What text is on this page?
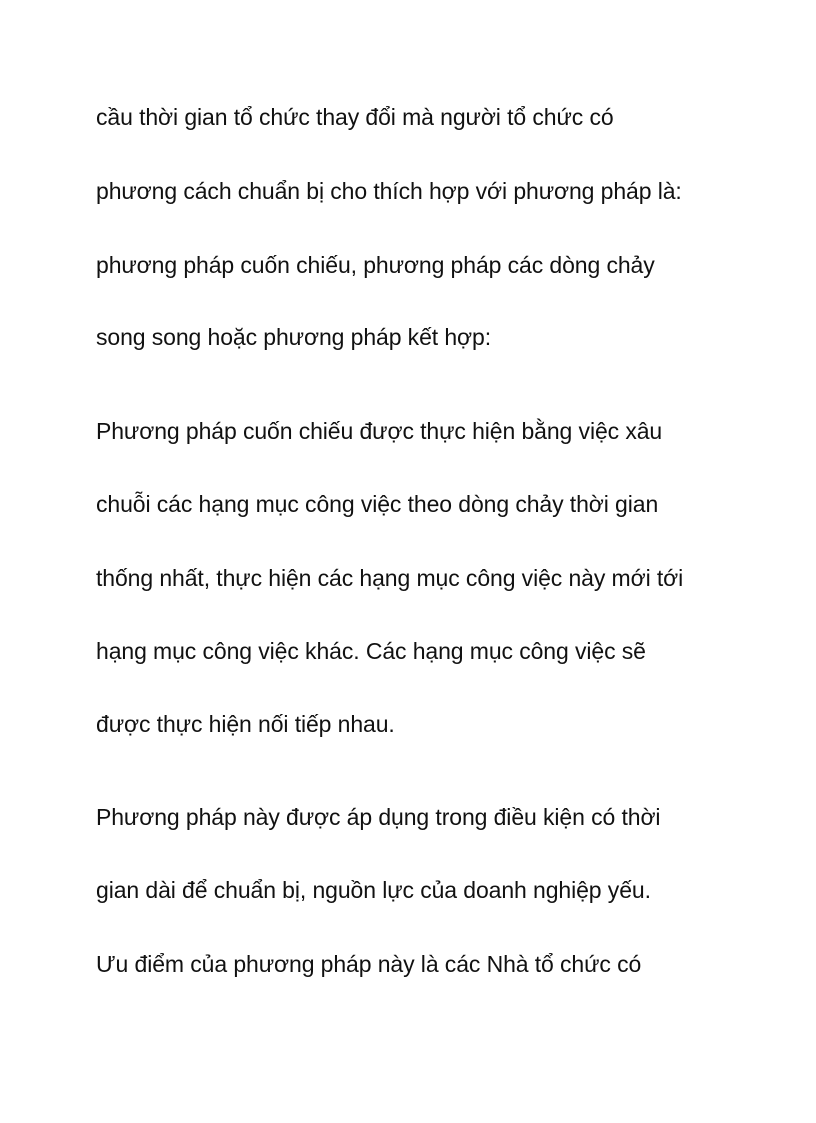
cầu thời gian tổ chức thay đổi mà người tổ chức có
phương cách chuẩn bị cho thích hợp với phương pháp là:
phương pháp cuốn chiếu, phương pháp các dòng chảy
song song hoặc phương pháp kết hợp:
Phương pháp cuốn chiếu được thực hiện bằng việc xâu
chuỗi các hạng mục công việc theo dòng chảy thời gian
thống nhất, thực hiện các hạng mục công việc này mới tới
hạng mục công việc khác. Các hạng mục công việc sẽ
được thực hiện nối tiếp nhau.
Phương pháp này được áp dụng trong điều kiện có thời
gian dài để chuẩn bị, nguồn lực của doanh nghiệp yếu.
Ưu điểm của phương pháp này là các Nhà tổ chức có
